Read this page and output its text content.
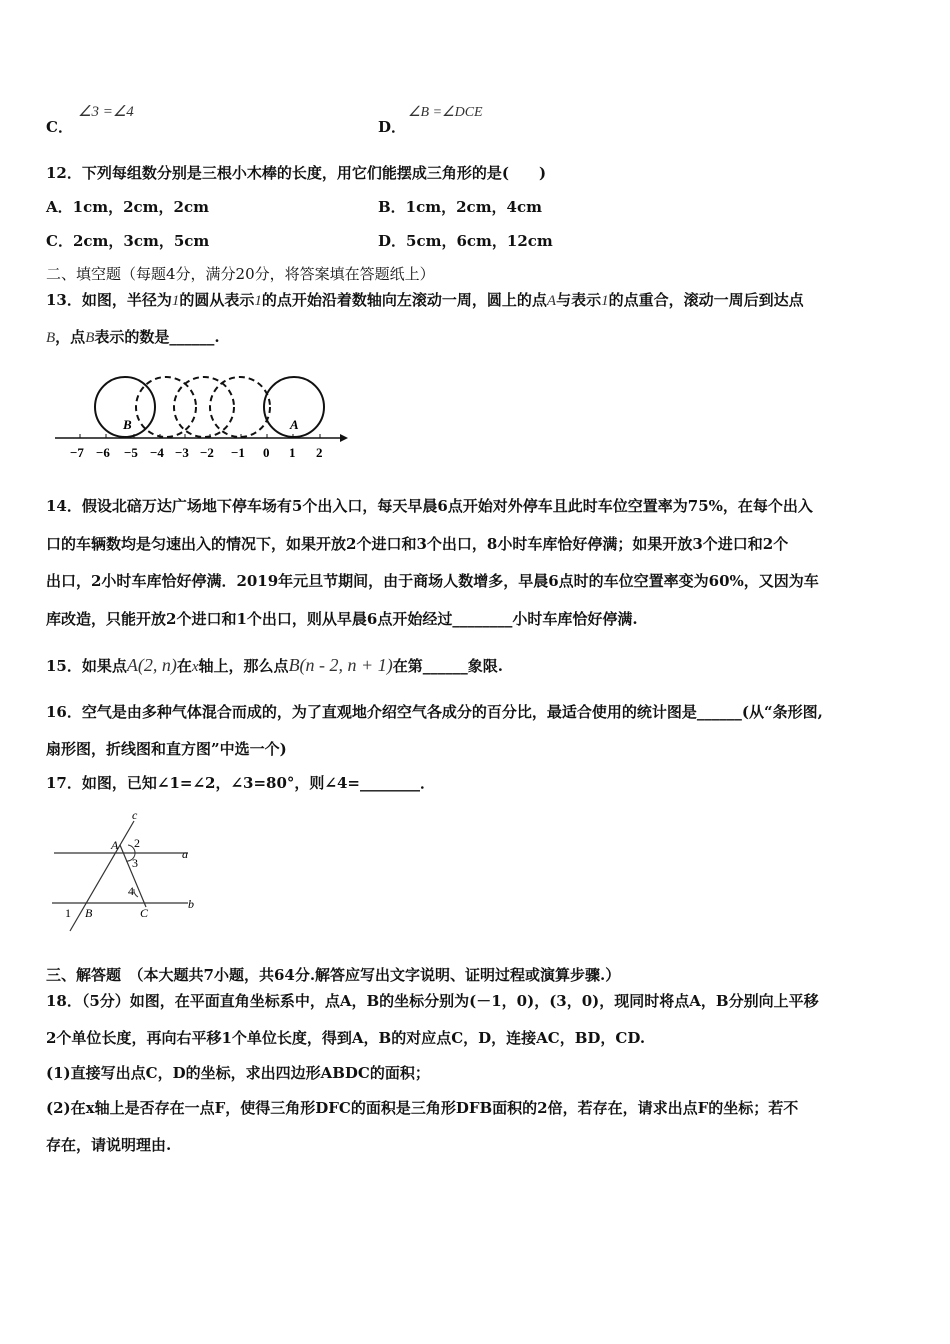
C．
∠3 =∠4
D．
∠B =∠DCE
12．下列每组数分别是三根小木棒的长度，用它们能摆成三角形的是(　　)
A．1cm，2cm，2cm	B．1cm，2cm，4cm
C．2cm，3cm，5cm	D．5cm，6cm，12cm
二、填空题（每题4分，满分20分，将答案填在答题纸上）
13．如图，半径为1的圆从表示1的点开始沿着数轴向左滚动一周，圆上的点A与表示1的点重合，滚动一周后到达点
B，点B表示的数是______.
−7 −6 −5 −4 −3 −2 −1 0 1 2
B	A
14．假设北碚万达广场地下停车场有5个出入口，每天早晨6点开始对外停车且此时车位空置率为75%，在每个出入
口的车辆数均是匀速出入的情况下，如果开放2个进口和3个出口，8小时车库恰好停满；如果开放3个进口和2个
出口，2小时车库恰好停满．2019年元旦节期间，由于商场人数增多，早晨6点时的车位空置率变为60%，又因为车
库改造，只能开放2个进口和1个出口，则从早晨6点开始经过________小时车库恰好停满.
15．如果点A(2, n)在x轴上，那么点B(n - 2, n + 1)在第______象限.
16．空气是由多种气体混合而成的，为了直观地介绍空气各成分的百分比，最适合使用的统计图是______(从“条形图,
扇形图，折线图和直方图”中选一个)
17．如图，已知∠1=∠2，∠3=80°，则∠4=________．
c
a
b
A
B	C
1
2
3
4
三、解答题　（本大题共7小题，共64分.解答应写出文字说明、证明过程或演算步骤.）
18．（5分）如图，在平面直角坐标系中，点A，B的坐标分别为(－1，0)，(3，0)，现同时将点A，B分别向上平移
2个单位长度，再向右平移1个单位长度，得到A，B的对应点C，D，连接AC，BD，CD.
(1)直接写出点C，D的坐标，求出四边形ABDC的面积；
(2)在x轴上是否存在一点F，使得三角形DFC的面积是三角形DFB面积的2倍，若存在，请求出点F的坐标；若不
存在，请说明理由.
